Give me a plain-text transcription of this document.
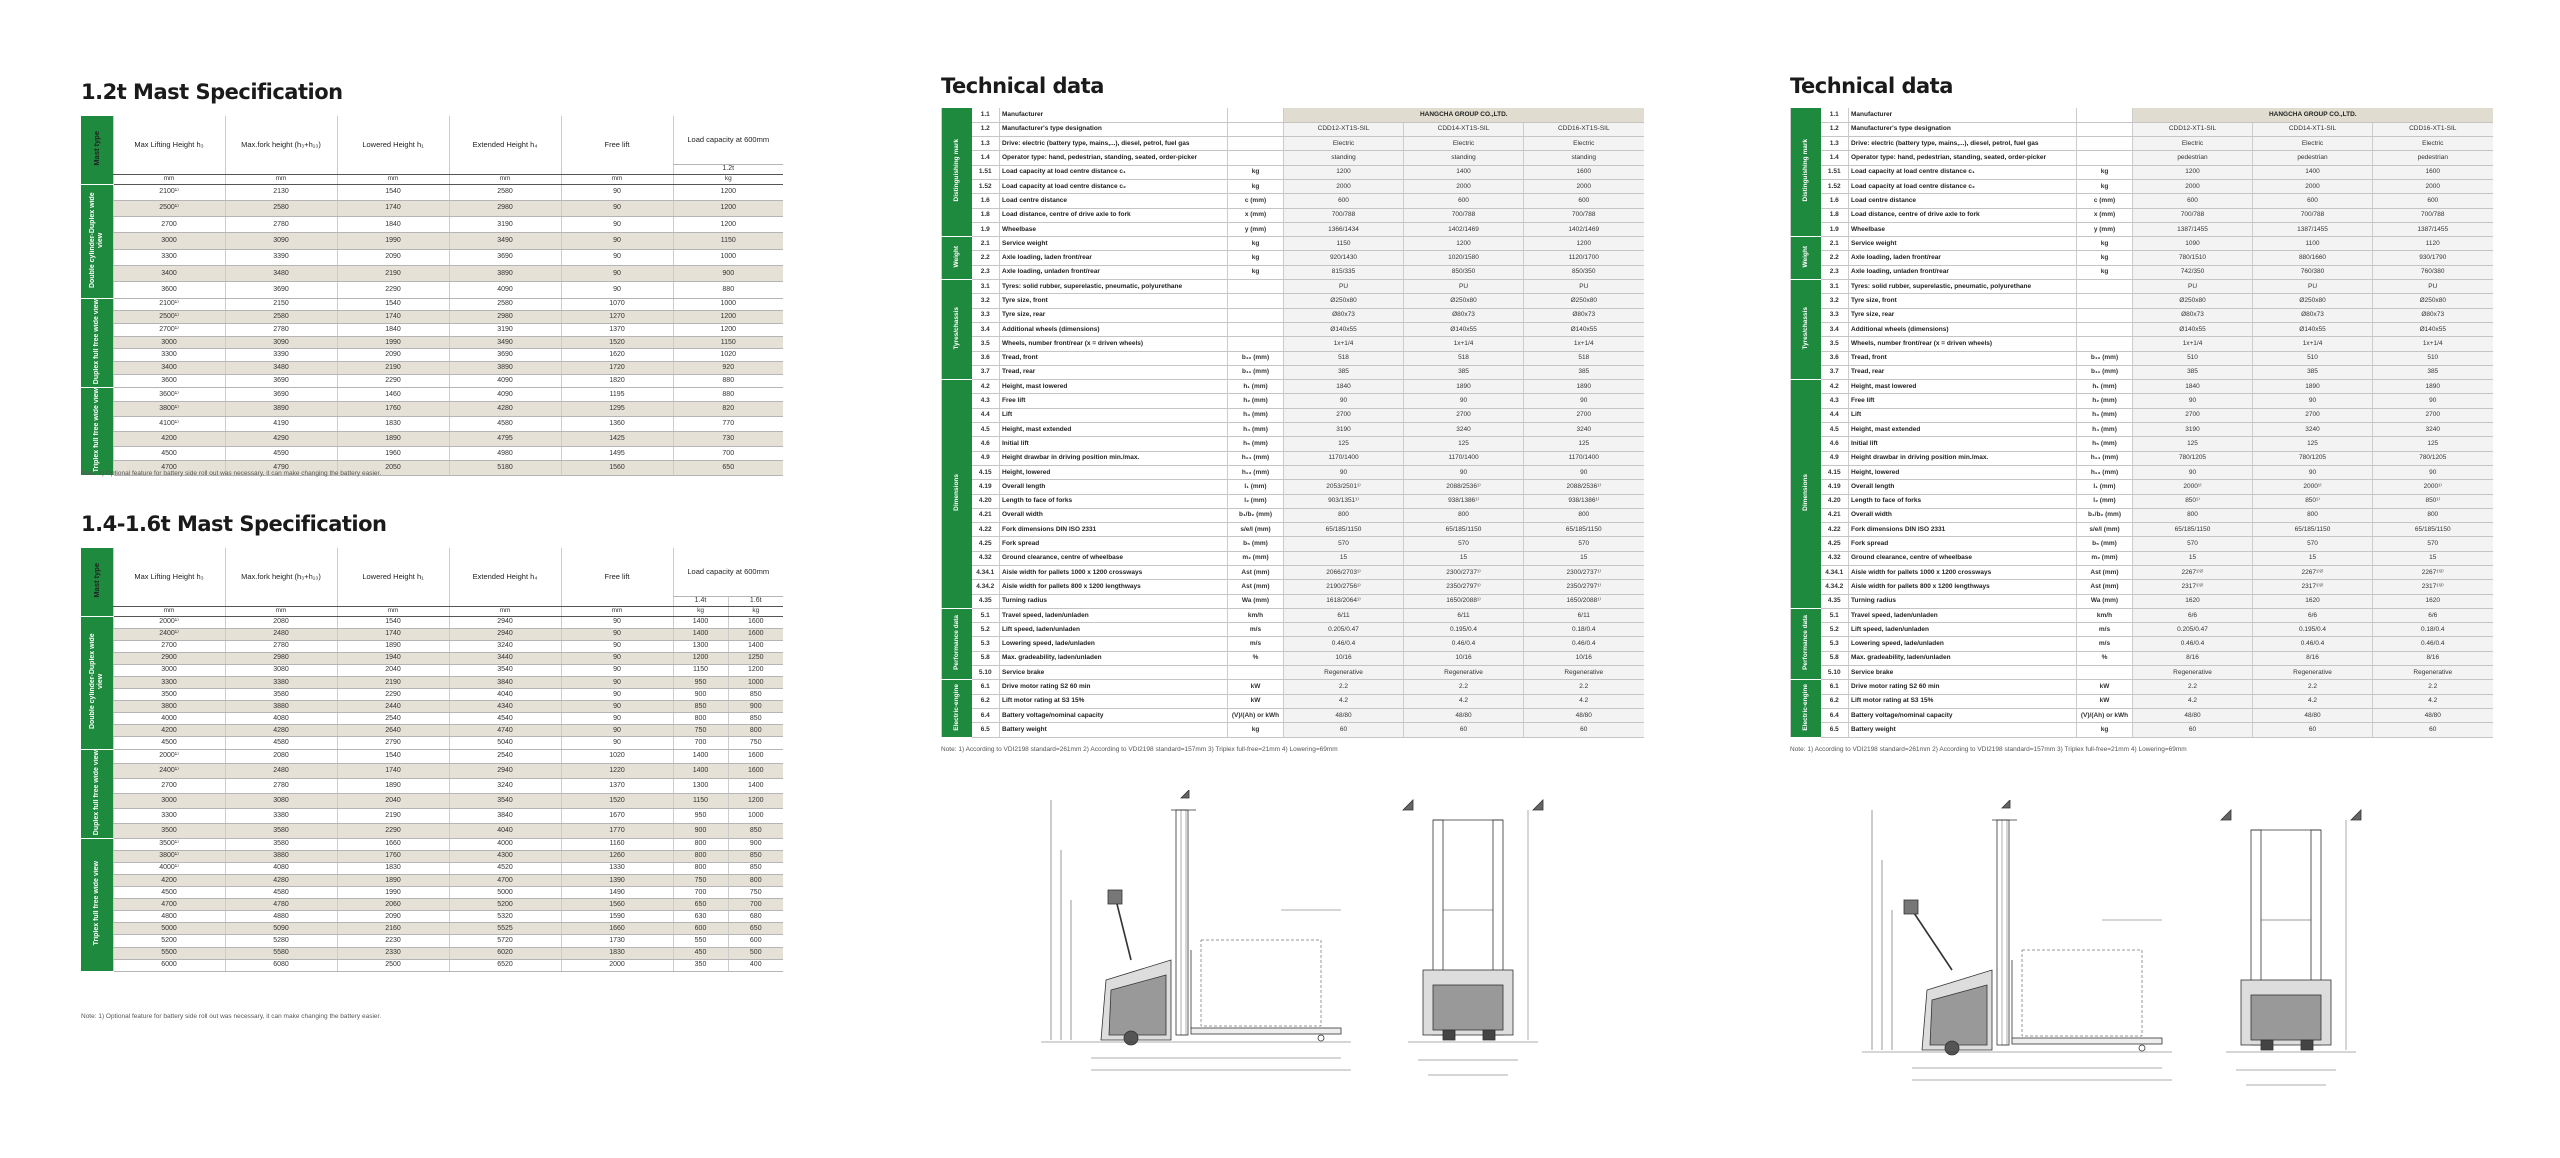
1.2t Mast Specification
Mast type	Max Lifting Height h₃	Max.fork height (h₃+h₁₃)	Lowered Height h₁	Extended Height h₄	Free lift	Load capacity at 600mm
						1.2t
	mm	mm	mm	mm	mm	kg
Double cylinder-Duplex wide view	2100¹⁾	2130	1540	2580	90	1200
	2500¹⁾	2580	1740	2980	90	1200
	2700	2780	1840	3190	90	1200
	3000	3090	1990	3490	90	1150
	3300	3390	2090	3690	90	1000
	3400	3480	2190	3890	90	900
	3600	3690	2290	4090	90	880
Duplex full free wide view	2100¹⁾	2150	1540	2580	1070	1000
	2500¹⁾	2580	1740	2980	1270	1200
	2700¹⁾	2780	1840	3190	1370	1200
	3000	3090	1990	3490	1520	1150
	3300	3390	2090	3690	1620	1020
	3400	3480	2190	3890	1720	920
	3600	3690	2290	4090	1820	880
Triplex full free wide view	3600¹⁾	3690	1460	4090	1195	880
	3800¹⁾	3890	1760	4280	1295	820
	4100¹⁾	4190	1830	4580	1360	770
	4200	4290	1890	4795	1425	730
	4500	4590	1960	4980	1495	700
	4700	4790	2050	5180	1560	650
Note: 1) Optional feature for battery side roll out was necessary, it can make changing the battery easier.
1.4-1.6t Mast Specification
Mast type	Max Lifting Height h₃	Max.fork height (h₃+h₁₃)	Lowered Height h₁	Extended Height h₄	Free lift	Load capacity at 600mm	
						1.4t	1.6t
	mm	mm	mm	mm	mm	kg	kg
Double cylinder-Duplex wide view	2000¹⁾	2080	1540	2940	90	1400	1600
	2400¹⁾	2480	1740	2940	90	1400	1600
	2700	2780	1890	3240	90	1300	1400
	2900	2980	1940	3440	90	1200	1250
	3000	3080	2040	3540	90	1150	1200
	3300	3380	2190	3840	90	950	1000
	3500	3580	2290	4040	90	900	850
	3800	3880	2440	4340	90	850	900
	4000	4080	2540	4540	90	800	850
	4200	4280	2640	4740	90	750	800
	4500	4580	2790	5040	90	700	750
Duplex full free wide view	2000¹⁾	2080	1540	2540	1020	1400	1600
	2400¹⁾	2480	1740	2940	1220	1400	1600
	2700	2780	1890	3240	1370	1300	1400
	3000	3080	2040	3540	1520	1150	1200
	3300	3380	2190	3840	1670	950	1000
	3500	3580	2290	4040	1770	900	850
Triplex full free wide view	3500¹⁾	3580	1660	4000	1160	800	900
	3800¹⁾	3880	1760	4300	1260	800	850
	4000¹⁾	4080	1830	4520	1330	800	850
	4200	4280	1890	4700	1390	750	800
	4500	4580	1990	5000	1490	700	750
	4700	4780	2060	5200	1560	650	700
	4800	4880	2090	5320	1590	630	680
	5000	5090	2160	5525	1660	600	650
	5200	5280	2230	5720	1730	550	600
	5500	5580	2330	6020	1830	450	500
	6000	6080	2500	6520	2000	350	400
Note: 1) Optional feature for battery side roll out was necessary, it can make changing the battery easier.
Technical data
Distinguishing mark	1.1	Manufacturer		HANGCHA GROUP CO.,LTD.		
	1.2	Manufacturer's type designation		CDD12-XT1S-SIL	CDD14-XT1S-SIL	CDD16-XT1S-SIL
	1.3	Drive: electric (battery type, mains,...), diesel, petrol, fuel gas		Electric	Electric	Electric
	1.4	Operator type: hand, pedestrian, standing, seated, order-picker		standing	standing	standing
	1.51	Load capacity at load centre distance c₁	kg	1200	1400	1600
	1.52	Load capacity at load centre distance c₂	kg	2000	2000	2000
	1.6	Load centre distance	c (mm)	600	600	600
	1.8	Load distance, centre of drive axle to fork	x (mm)	700/788	700/788	700/788
	1.9	Wheelbase	y (mm)	1366/1434	1402/1469	1402/1469
Weight	2.1	Service weight	kg	1150	1200	1200
	2.2	Axle loading, laden front/rear	kg	920/1430	1020/1580	1120/1700
	2.3	Axle loading, unladen front/rear	kg	815/335	850/350	850/350
Tyres/chassis	3.1	Tyres: solid rubber, superelastic, pneumatic, polyurethane		PU	PU	PU
	3.2	Tyre size, front		Ø250x80	Ø250x80	Ø250x80
	3.3	Tyre size, rear		Ø80x73	Ø80x73	Ø80x73
	3.4	Additional wheels (dimensions)		Ø140x55	Ø140x55	Ø140x55
	3.5	Wheels, number front/rear (x = driven wheels)		1x+1/4	1x+1/4	1x+1/4
	3.6	Tread, front	b₁₀ (mm)	518	518	518
	3.7	Tread, rear	b₁₁ (mm)	385	385	385
Dimensions	4.2	Height, mast lowered	h₁ (mm)	1840	1890	1890
	4.3	Free lift	h₂ (mm)	90	90	90
	4.4	Lift	h₃ (mm)	2700	2700	2700
	4.5	Height, mast extended	h₄ (mm)	3190	3240	3240
	4.6	Initial lift	h₅ (mm)	125	125	125
	4.9	Height drawbar in driving position min./max.	h₁₄ (mm)	1170/1400	1170/1400	1170/1400
	4.15	Height, lowered	h₁₃ (mm)	90	90	90
	4.19	Overall length	l₁ (mm)	2053/2501¹⁾	2088/2536¹⁾	2088/2536¹⁾
	4.20	Length to face of forks	l₂ (mm)	903/1351¹⁾	938/1386¹⁾	938/1386¹⁾
	4.21	Overall width	b₁/b₂ (mm)	800	800	800
	4.22	Fork dimensions DIN ISO 2331	s/e/l (mm)	65/185/1150	65/185/1150	65/185/1150
	4.25	Fork spread	b₅ (mm)	570	570	570
	4.32	Ground clearance, centre of wheelbase	m₂ (mm)	15	15	15
	4.34.1	Aisle width for pallets 1000 x 1200 crossways	Ast (mm)	2066/2703¹⁾	2300/2737¹⁾	2300/2737¹⁾
	4.34.2	Aisle width for pallets 800 x 1200 lengthways	Ast (mm)	2190/2756¹⁾	2350/2797¹⁾	2350/2797¹⁾
	4.35	Turning radius	Wa (mm)	1618/2064¹⁾	1650/2088¹⁾	1650/2088¹⁾
Performance data	5.1	Travel speed, laden/unladen	km/h	6/11	6/11	6/11
	5.2	Lift speed, laden/unladen	m/s	0.205/0.47	0.195/0.4	0.18/0.4
	5.3	Lowering speed, lade/unladen	m/s	0.46/0.4	0.46/0.4	0.46/0.4
	5.8	Max. gradeability, laden/unladen	%	10/16	10/16	10/16
	5.10	Service brake		Regenerative	Regenerative	Regenerative
Electric-engine	6.1	Drive motor rating S2 60 min	kW	2.2	2.2	2.2
	6.2	Lift motor rating at S3 15%	kW	4.2	4.2	4.2
	6.4	Battery voltage/nominal capacity	(V)/(Ah) or kWh	48/80	48/80	48/80
	6.5	Battery weight	kg	60	60	60
Note: 1) According to VDI2198 standard=261mm 2) According to VDI2198 standard=157mm 3) Triplex full-free=21mm 4) Lowering=69mm
Technical data
Distinguishing mark	1.1	Manufacturer		HANGCHA GROUP CO.,LTD.		
	1.2	Manufacturer's type designation		CDD12-XT1-SIL	CDD14-XT1-SIL	CDD16-XT1-SIL
	1.3	Drive: electric (battery type, mains,...), diesel, petrol, fuel gas		Electric	Electric	Electric
	1.4	Operator type: hand, pedestrian, standing, seated, order-picker		pedestrian	pedestrian	pedestrian
	1.51	Load capacity at load centre distance c₁	kg	1200	1400	1600
	1.52	Load capacity at load centre distance c₂	kg	2000	2000	2000
	1.6	Load centre distance	c (mm)	600	600	600
	1.8	Load distance, centre of drive axle to fork	x (mm)	700/788	700/788	700/788
	1.9	Wheelbase	y (mm)	1387/1455	1387/1455	1387/1455
Weight	2.1	Service weight	kg	1090	1100	1120
	2.2	Axle loading, laden front/rear	kg	780/1510	880/1660	930/1790
	2.3	Axle loading, unladen front/rear	kg	742/350	760/380	760/380
Tyres/chassis	3.1	Tyres: solid rubber, superelastic, pneumatic, polyurethane		PU	PU	PU
	3.2	Tyre size, front		Ø250x80	Ø250x80	Ø250x80
	3.3	Tyre size, rear		Ø80x73	Ø80x73	Ø80x73
	3.4	Additional wheels (dimensions)		Ø140x55	Ø140x55	Ø140x55
	3.5	Wheels, number front/rear (x = driven wheels)		1x+1/4	1x+1/4	1x+1/4
	3.6	Tread, front	b₁₀ (mm)	510	510	510
	3.7	Tread, rear	b₁₁ (mm)	385	385	385
Dimensions	4.2	Height, mast lowered	h₁ (mm)	1840	1890	1890
	4.3	Free lift	h₂ (mm)	90	90	90
	4.4	Lift	h₃ (mm)	2700	2700	2700
	4.5	Height, mast extended	h₄ (mm)	3190	3240	3240
	4.6	Initial lift	h₅ (mm)	125	125	125
	4.9	Height drawbar in driving position min./max.	h₁₄ (mm)	780/1205	780/1205	780/1205
	4.15	Height, lowered	h₁₃ (mm)	90	90	90
	4.19	Overall length	l₁ (mm)	2000¹⁾	2000¹⁾	2000¹⁾
	4.20	Length to face of forks	l₂ (mm)	850¹⁾	850¹⁾	850¹⁾
	4.21	Overall width	b₁/b₂ (mm)	800	800	800
	4.22	Fork dimensions DIN ISO 2331	s/e/l (mm)	65/185/1150	65/185/1150	65/185/1150
	4.25	Fork spread	b₅ (mm)	570	570	570
	4.32	Ground clearance, centre of wheelbase	m₂ (mm)	15	15	15
	4.34.1	Aisle width for pallets 1000 x 1200 crossways	Ast (mm)	2267¹⁾²⁾	2267¹⁾²⁾	2267¹⁾²⁾
	4.34.2	Aisle width for pallets 800 x 1200 lengthways	Ast (mm)	2317¹⁾²⁾	2317¹⁾²⁾	2317¹⁾²⁾
	4.35	Turning radius	Wa (mm)	1620	1620	1620
Performance data	5.1	Travel speed, laden/unladen	km/h	6/6	6/6	6/6
	5.2	Lift speed, laden/unladen	m/s	0.205/0.47	0.195/0.4	0.18/0.4
	5.3	Lowering speed, lade/unladen	m/s	0.46/0.4	0.46/0.4	0.46/0.4
	5.8	Max. gradeability, laden/unladen	%	8/16	8/16	8/16
	5.10	Service brake		Regenerative	Regenerative	Regenerative
Electric-engine	6.1	Drive motor rating S2 60 min	kW	2.2	2.2	2.2
	6.2	Lift motor rating at S3 15%	kW	4.2	4.2	4.2
	6.4	Battery voltage/nominal capacity	(V)/(Ah) or kWh	48/80	48/80	48/80
	6.5	Battery weight	kg	60	60	60
Note: 1) According to VDI2198 standard=261mm 2) According to VDI2198 standard=157mm 3) Triplex full-free=21mm 4) Lowering=69mm
